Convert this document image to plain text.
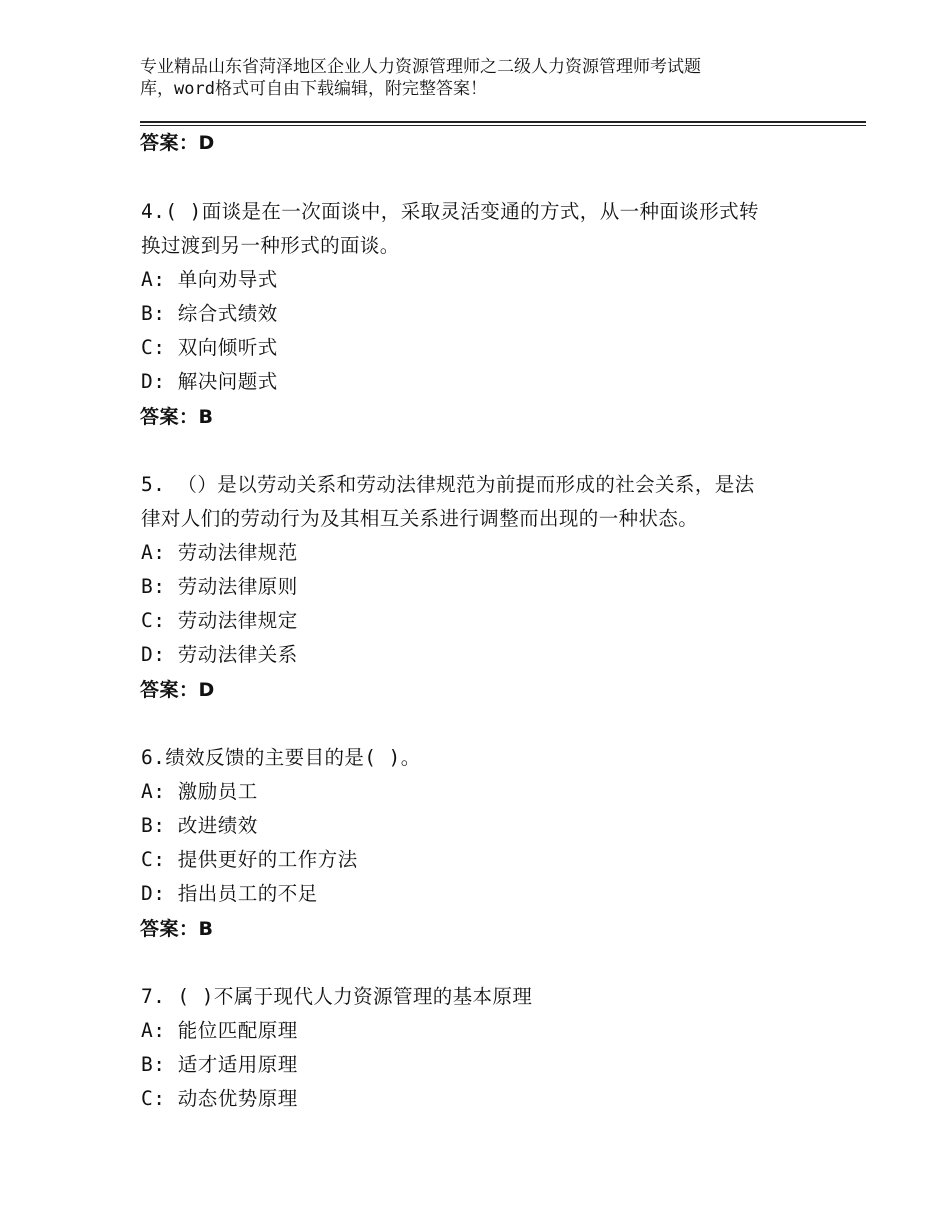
专业精品山东省菏泽地区企业人力资源管理师之二级人力资源管理师考试题
库，word格式可自由下载编辑，附完整答案！
答案：D
4.( )面谈是在一次面谈中，采取灵活变通的方式，从一种面谈形式转
换过渡到另一种形式的面谈。
A: 单向劝导式
B: 综合式绩效
C: 双向倾听式
D: 解决问题式
答案：B
5. （）是以劳动关系和劳动法律规范为前提而形成的社会关系，是法
律对人们的劳动行为及其相互关系进行调整而出现的一种状态。
A: 劳动法律规范
B: 劳动法律原则
C: 劳动法律规定
D: 劳动法律关系
答案：D
6.绩效反馈的主要目的是( )。
A: 激励员工
B: 改进绩效
C: 提供更好的工作方法
D: 指出员工的不足
答案：B
7. ( )不属于现代人力资源管理的基本原理
A: 能位匹配原理
B: 适才适用原理
C: 动态优势原理
